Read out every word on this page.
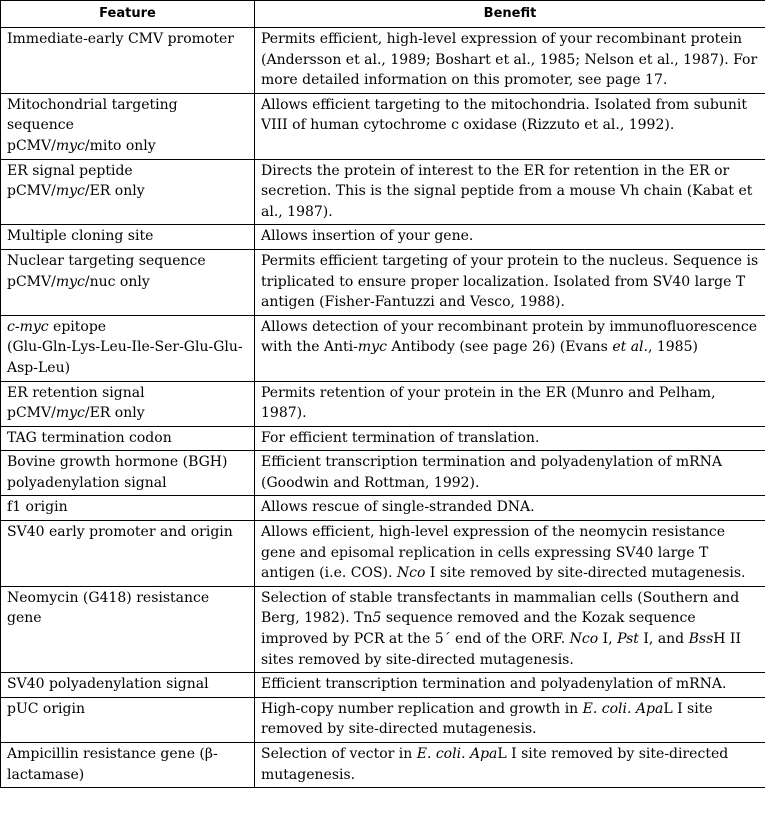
Feature	Benefit

Immediate-early CMV promoter	Permits efficient, high-level expression of your recombinant protein (Andersson et al., 1989; Boshart et al., 1985; Nelson et al., 1987). For more detailed information on this promoter, see page 17.

Mitochondrial targeting sequence
pCMV/myc/mito only	Allows efficient targeting to the mitochondria. Isolated from subunit VIII of human cytochrome c oxidase (Rizzuto et al., 1992).

ER signal peptide
pCMV/myc/ER only	Directs the protein of interest to the ER for retention in the ER or secretion. This is the signal peptide from a mouse Vh chain (Kabat et al., 1987).

Multiple cloning site	Allows insertion of your gene.

Nuclear targeting sequence
pCMV/myc/nuc only	Permits efficient targeting of your protein to the nucleus. Sequence is triplicated to ensure proper localization. Isolated from SV40 large T antigen (Fisher-Fantuzzi and Vesco, 1988).

c-myc epitope
(Glu-Gln-Lys-Leu-Ile-Ser-Glu-Glu-Asp-Leu)	Allows detection of your recombinant protein by immunofluorescence with the Anti-myc Antibody (see page 26) (Evans et al., 1985)

ER retention signal
pCMV/myc/ER only	Permits retention of your protein in the ER (Munro and Pelham, 1987).

TAG termination codon	For efficient termination of translation.

Bovine growth hormone (BGH) polyadenylation signal	Efficient transcription termination and polyadenylation of mRNA (Goodwin and Rottman, 1992).

f1 origin	Allows rescue of single-stranded DNA.

SV40 early promoter and origin	Allows efficient, high-level expression of the neomycin resistance gene and episomal replication in cells expressing SV40 large T antigen (i.e. COS). Nco I site removed by site-directed mutagenesis.

Neomycin (G418) resistance gene	Selection of stable transfectants in mammalian cells (Southern and Berg, 1982). Tn5 sequence removed and the Kozak sequence improved by PCR at the 5´ end of the ORF. Nco I, Pst I, and BssH II sites removed by site-directed mutagenesis.

SV40 polyadenylation signal	Efficient transcription termination and polyadenylation of mRNA.

pUC origin	High-copy number replication and growth in E. coli. ApaL I site removed by site-directed mutagenesis.

Ampicillin resistance gene (β-lactamase)	Selection of vector in E. coli. ApaL I site removed by site-directed mutagenesis.
